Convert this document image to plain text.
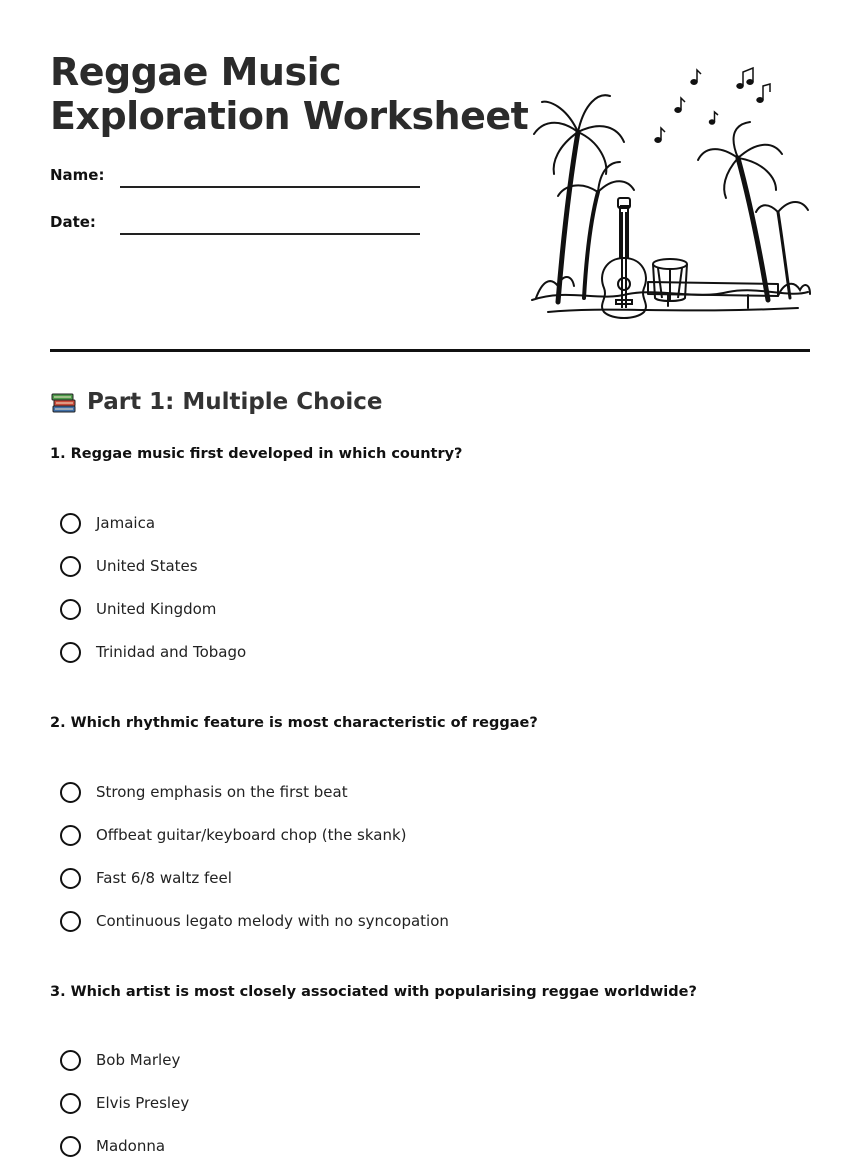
Reggae Music
Exploration Worksheet
Name:
Date:
Part 1: Multiple Choice

1. Reggae music first developed in which country?

Jamaica
United States
United Kingdom
Trinidad and Tobago

2. Which rhythmic feature is most characteristic of reggae?

Strong emphasis on the first beat
Offbeat guitar/keyboard chop (the skank)
Fast 6/8 waltz feel
Continuous legato melody with no syncopation

3. Which artist is most closely associated with popularising reggae worldwide?

Bob Marley
Elvis Presley
Madonna
